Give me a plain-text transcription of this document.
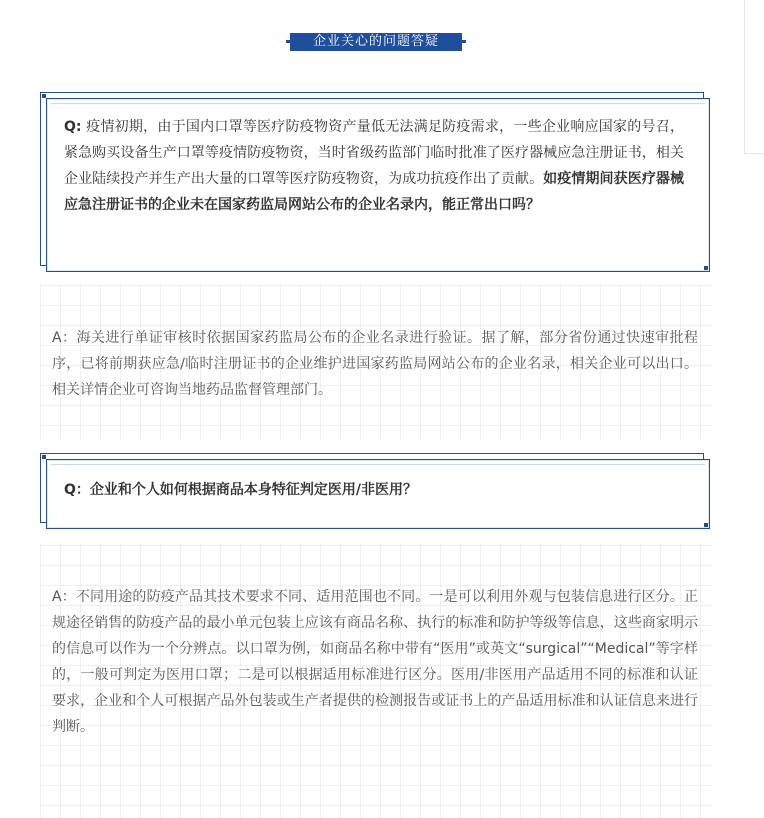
企业关心的问题答疑
Q: 疫情初期，由于国内口罩等医疗防疫物资产量低无法满足防疫需求，一些企业响应国家的号召，紧急购买设备生产口罩等疫情防疫物资，当时省级药监部门临时批准了医疗器械应急注册证书，相关企业陆续投产并生产出大量的口罩等医疗防疫物资，为成功抗疫作出了贡献。如疫情期间获医疗器械应急注册证书的企业未在国家药监局网站公布的企业名录内，能正常出口吗？
A：海关进行单证审核时依据国家药监局公布的企业名录进行验证。据了解，部分省份通过快速审批程序，已将前期获应急/临时注册证书的企业维护进国家药监局网站公布的企业名录，相关企业可以出口。相关详情企业可咨询当地药品监督管理部门。
Q：企业和个人如何根据商品本身特征判定医用/非医用？
A：不同用途的防疫产品其技术要求不同、适用范围也不同。一是可以利用外观与包装信息进行区分。正规途径销售的防疫产品的最小单元包装上应该有商品名称、执行的标准和防护等级等信息，这些商家明示的信息可以作为一个分辨点。以口罩为例，如商品名称中带有“医用”或英文“surgical”“Medical”等字样的，一般可判定为医用口罩；二是可以根据适用标准进行区分。医用/非医用产品适用不同的标准和认证要求，企业和个人可根据产品外包装或生产者提供的检测报告或证书上的产品适用标准和认证信息来进行判断。
